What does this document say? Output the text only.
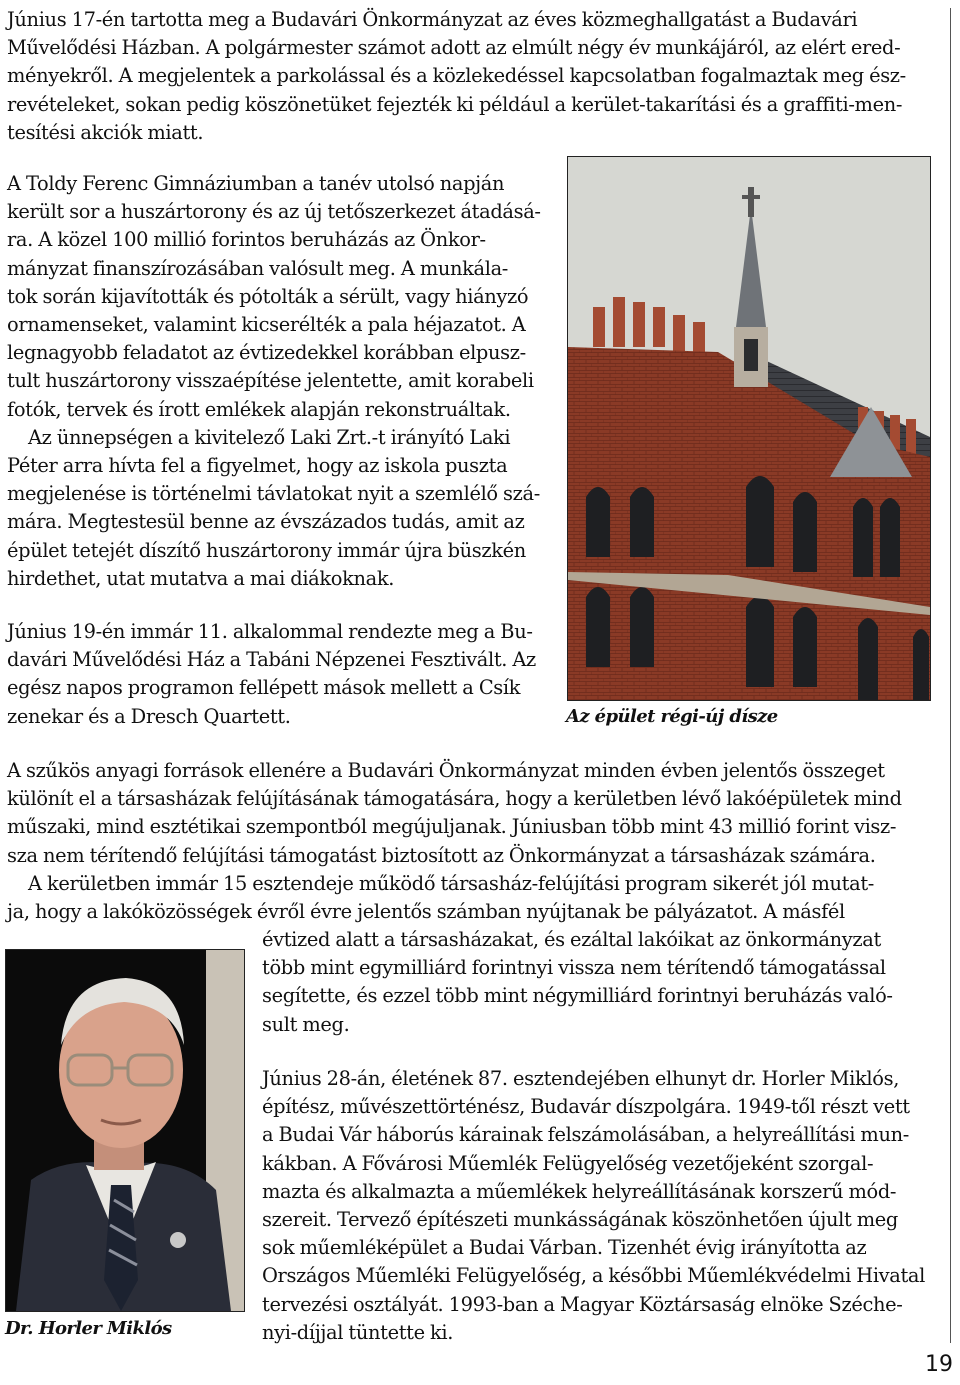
Június 17-én tartotta meg a Budavári Önkormányzat az éves közmeghallgatást a Budavári
Művelődési Házban. A polgármester számot adott az elmúlt négy év munkájáról, az elért ered-
ményekről. A megjelentek a parkolással és a közlekedéssel kapcsolatban fogalmaztak meg ész-
revételeket, sokan pedig köszönetüket fejezték ki például a kerület-takarítási és a graffiti-men-
tesítési akciók miatt.

A Toldy Ferenc Gimnáziumban a tanév utolsó napján
került sor a huszártorony és az új tetőszerkezet átadásá-
ra. A közel 100 millió forintos beruházás az Önkor-
mányzat finanszírozásában valósult meg. A munkála-
tok során kijavították és pótolták a sérült, vagy hiányzó
ornamenseket, valamint kicserélték a pala héjazatot. A
legnagyobb feladatot az évtizedekkel korábban elpusz-
tult huszártorony visszaépítése jelentette, amit korabeli
fotók, tervek és írott emlékek alapján rekonstruáltak.
Az ünnepségen a kivitelező Laki Zrt.-t irányító Laki
Péter arra hívta fel a figyelmet, hogy az iskola puszta
megjelenése is történelmi távlatokat nyit a szemlélő szá-
mára. Megtestesül benne az évszázados tudás, amit az
épület tetejét díszítő huszártorony immár újra büszkén
hirdethet, utat mutatva a mai diákoknak.

Június 19-én immár 11. alkalommal rendezte meg a Bu-
davári Művelődési Ház a Tabáni Népzenei Fesztivált. Az
egész napos programon fellépett mások mellett a Csík
zenekar és a Dresch Quartett.	Az épület régi-új dísze

A szűkös anyagi források ellenére a Budavári Önkormányzat minden évben jelentős összeget
különít el a társasházak felújításának támogatására, hogy a kerületben lévő lakóépületek mind
műszaki, mind esztétikai szempontból megújuljanak. Júniusban több mint 43 millió forint visz-
sza nem térítendő felújítási támogatást biztosított az Önkormányzat a társasházak számára.
A kerületben immár 15 esztendeje működő társasház-felújítási program sikerét jól mutat-
ja, hogy a lakóközösségek évről évre jelentős számban nyújtanak be pályázatot. A másfél

évtized alatt a társasházakat, és ezáltal lakóikat az önkormányzat
több mint egymilliárd forintnyi vissza nem térítendő támogatással
segítette, és ezzel több mint négymilliárd forintnyi beruházás való-
sult meg.

Dr. Horler Miklós

Június 28-án, életének 87. esztendejében elhunyt dr. Horler Miklós,
építész, művészettörténész, Budavár díszpolgára. 1949-től részt vett
a Budai Vár háborús kárainak felszámolásában, a helyreállítási mun-
kákban. A Fővárosi Műemlék Felügyelőség vezetőjeként szorgal-
mazta és alkalmazta a műemlékek helyreállításának korszerű mód-
szereit. Tervező építészeti munkásságának köszönhetően újult meg
sok műemléképület a Budai Várban. Tizenhét évig irányította az
Országos Műemléki Felügyelőség, a későbbi Műemlékvédelmi Hivatal
tervezési osztályát. 1993-ban a Magyar Köztársaság elnöke Széche-
nyi-díjjal tüntette ki.

19
